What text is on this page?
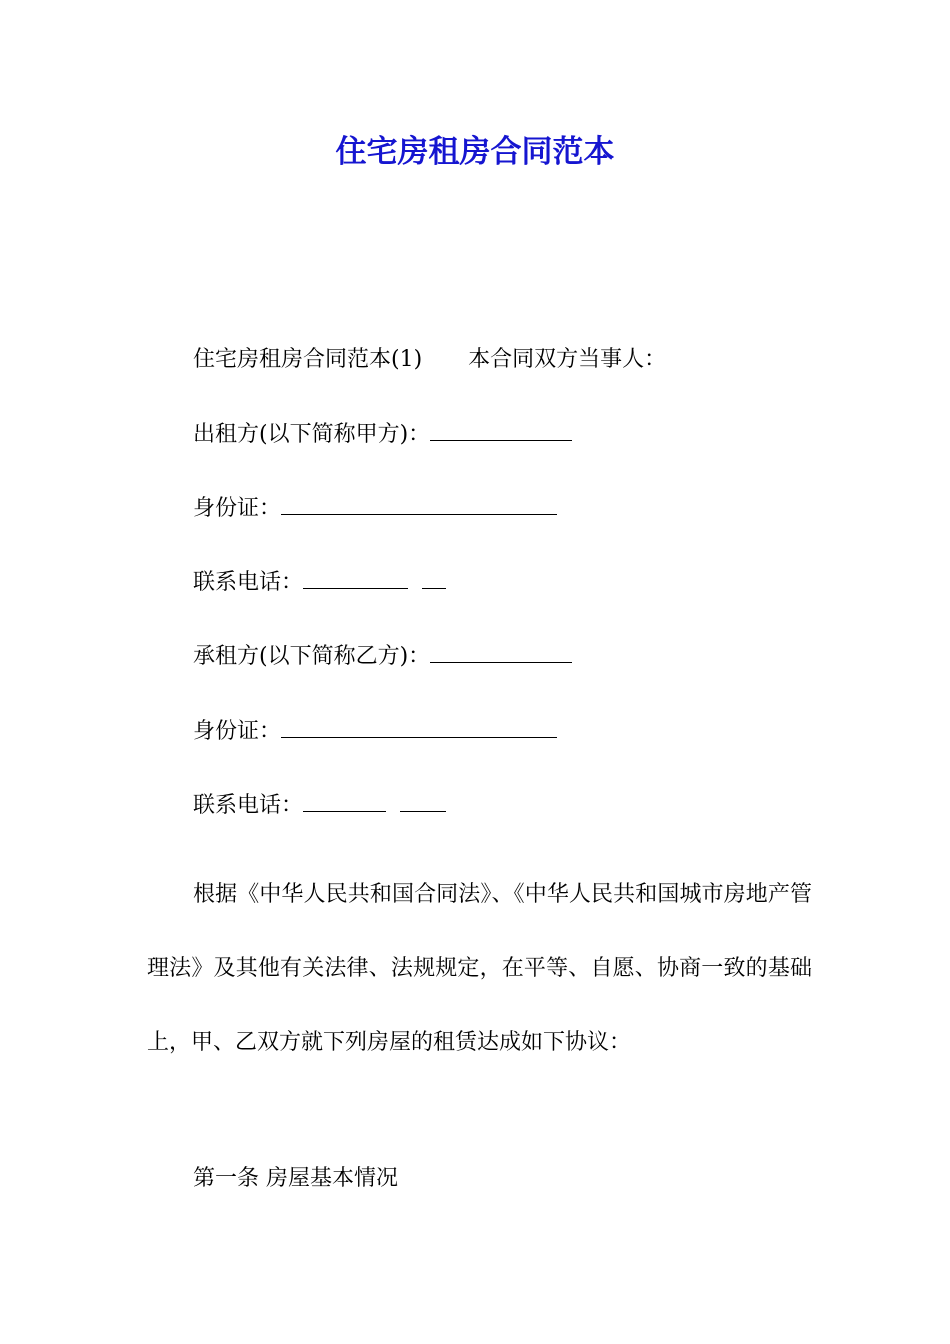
住宅房租房合同范本

住宅房租房合同范本(1) 本合同双方当事人：

出租方(以下简称甲方)：

身份证：

联系电话：

承租方(以下简称乙方)：

身份证：

联系电话：

根据《中华人民共和国合同法》、《中华人民共和国城市房地产管理法》及其他有关法律、法规规定，在平等、自愿、协商一致的基础上，甲、乙双方就下列房屋的租赁达成如下协议：

第一条 房屋基本情况
